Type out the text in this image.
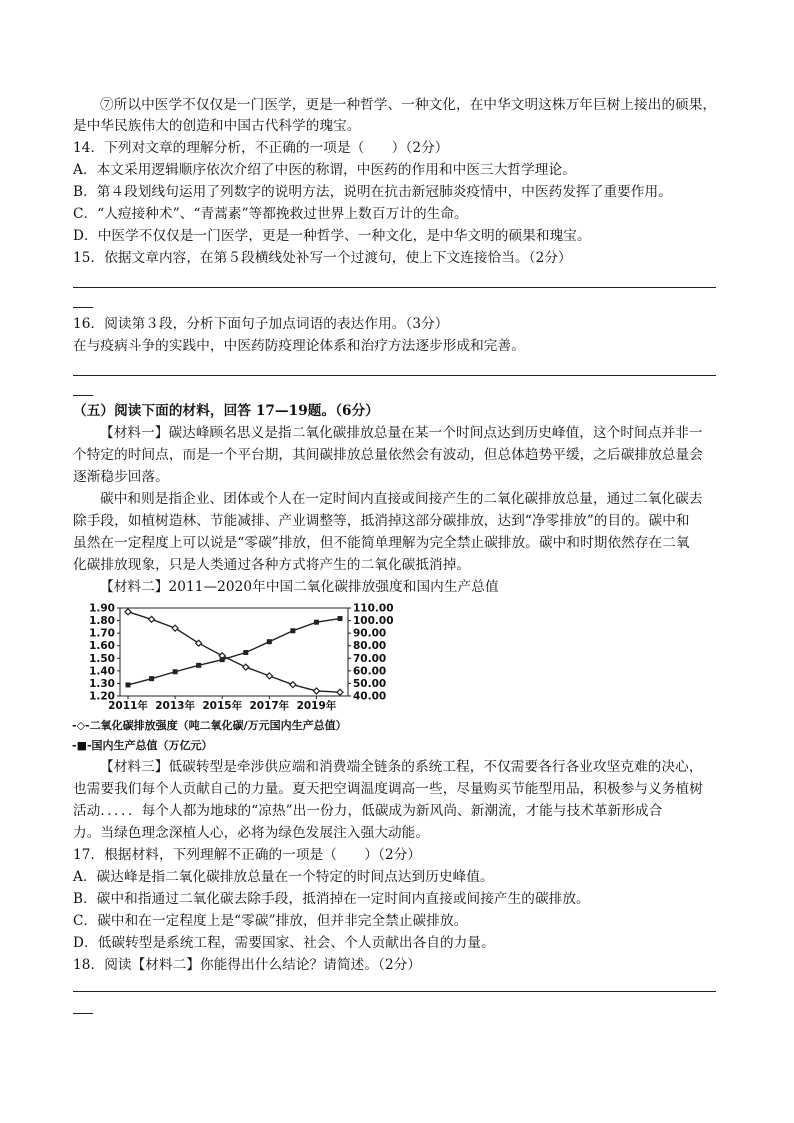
⑦所以中医学不仅仅是一门医学，更是一种哲学、一种文化，在中华文明这株万年巨树上接出的硕果，
是中华民族伟大的创造和中国古代科学的瑰宝。
14．下列对文章的理解分析，不正确的一项是（　　）（2分）
A．本文采用逻辑顺序依次介绍了中医的称谓，中医药的作用和中医三大哲学理论。
B．第４段划线句运用了列数字的说明方法，说明在抗击新冠肺炎疫情中，中医药发挥了重要作用。
C．“人痘接种术”、“青蒿素”等都挽救过世界上数百万计的生命。
D．中医学不仅仅是一门医学，更是一种哲学、一种文化，是中华文明的硕果和瑰宝。
15．依据文章内容，在第５段横线处补写一个过渡句，使上下文连接恰当。（2分）
16．阅读第３段，分析下面句子加点词语的表达作用。（3分）
在与疫病斗争的实践中，中医药防疫理论体系和治疗方法逐步形成和完善。
（五）阅读下面的材料，回答 17—19题。（6分）
【材料一】碳达峰顾名思义是指二氧化碳排放总量在某一个时间点达到历史峰值，这个时间点并非一
个特定的时间点，而是一个平台期，其间碳排放总量依然会有波动，但总体趋势平缓，之后碳排放总量会
逐渐稳步回落。
碳中和则是指企业、团体或个人在一定时间内直接或间接产生的二氧化碳排放总量，通过二氧化碳去
除手段，如植树造林、节能减排、产业调整等，抵消掉这部分碳排放，达到“净零排放”的目的。碳中和
虽然在一定程度上可以说是“零碳”排放，但不能简单理解为完全禁止碳排放。碳中和时期依然存在二氧
化碳排放现象，只是人类通过各种方式将产生的二氧化碳抵消掉。
【材料二】2011—2020年中国二氧化碳排放强度和国内生产总值
1.90
1.80
1.70
1.60
1.50
1.40
1.30
1.20
110.00
100.00
90.00
80.00
70.00
60.00
50.00
40.00
2011年 2013年 2015年 2017年 2019年
-◇-二氧化碳排放强度（吨二氧化碳/万元国内生产总值）
-■-国内生产总值（万亿元）
【材料三】低碳转型是牵涉供应端和消费端全链条的系统工程，不仅需要各行各业攻坚克难的决心，
也需要我们每个人贡献自己的力量。夏天把空调温度调高一些，尽量购买节能型用品，积极参与义务植树
活动．．．．．每个人都为地球的“凉热”出一份力，低碳成为新风尚、新潮流，才能与技术革新形成合
力。当绿色理念深植人心，必将为绿色发展注入强大动能。
17．根据材料，下列理解不正确的一项是（　　）（2分）
A．碳达峰是指二氧化碳排放总量在一个特定的时间点达到历史峰值。
B．碳中和指通过二氧化碳去除手段，抵消掉在一定时间内直接或间接产生的碳排放。
C．碳中和在一定程度上是“零碳”排放，但并非完全禁止碳排放。
D．低碳转型是系统工程，需要国家、社会、个人贡献出各自的力量。
18．阅读【材料二】你能得出什么结论？请简述。（2分）
